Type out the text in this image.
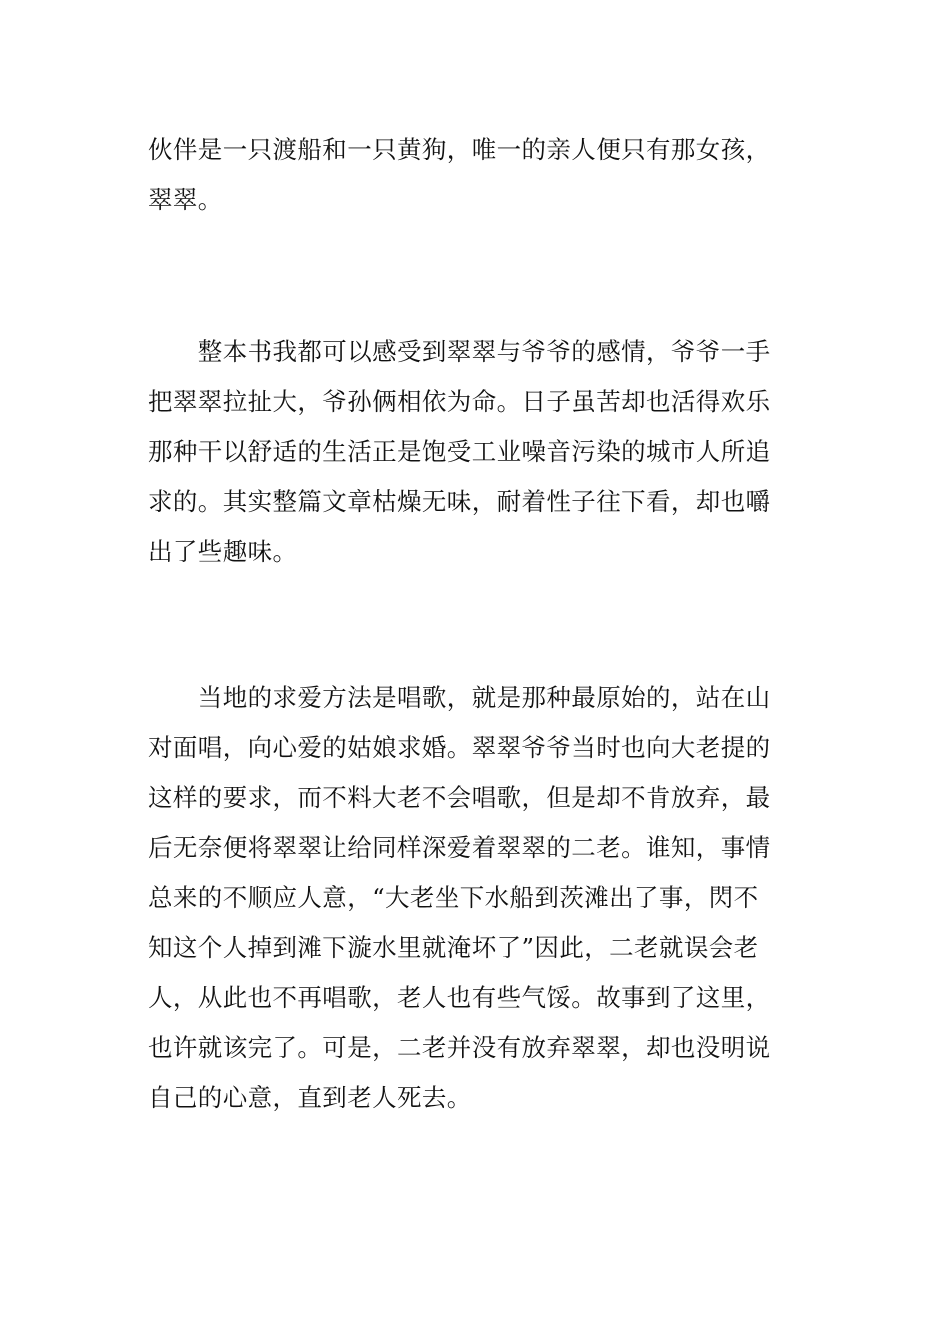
伙伴是一只渡船和一只黄狗，唯一的亲人便只有那女孩，
翠翠。
　　整本书我都可以感受到翠翠与爷爷的感情，爷爷一手
把翠翠拉扯大，爷孙俩相依为命。日子虽苦却也活得欢乐
那种干以舒适的生活正是饱受工业噪音污染的城市人所追
求的。其实整篇文章枯燥无味，耐着性子往下看，却也嚼
出了些趣味。
　　当地的求爱方法是唱歌，就是那种最原始的，站在山
对面唱，向心爱的姑娘求婚。翠翠爷爷当时也向大老提的
这样的要求，而不料大老不会唱歌，但是却不肯放弃，最
后无奈便将翠翠让给同样深爱着翠翠的二老。谁知，事情
总来的不顺应人意，“大老坐下水船到茨滩出了事，閃不
知这个人掉到滩下漩水里就淹坏了”因此，二老就误会老
人，从此也不再唱歌，老人也有些气馁。故事到了这里，
也许就该完了。可是，二老并没有放弃翠翠，却也没明说
自己的心意，直到老人死去。
